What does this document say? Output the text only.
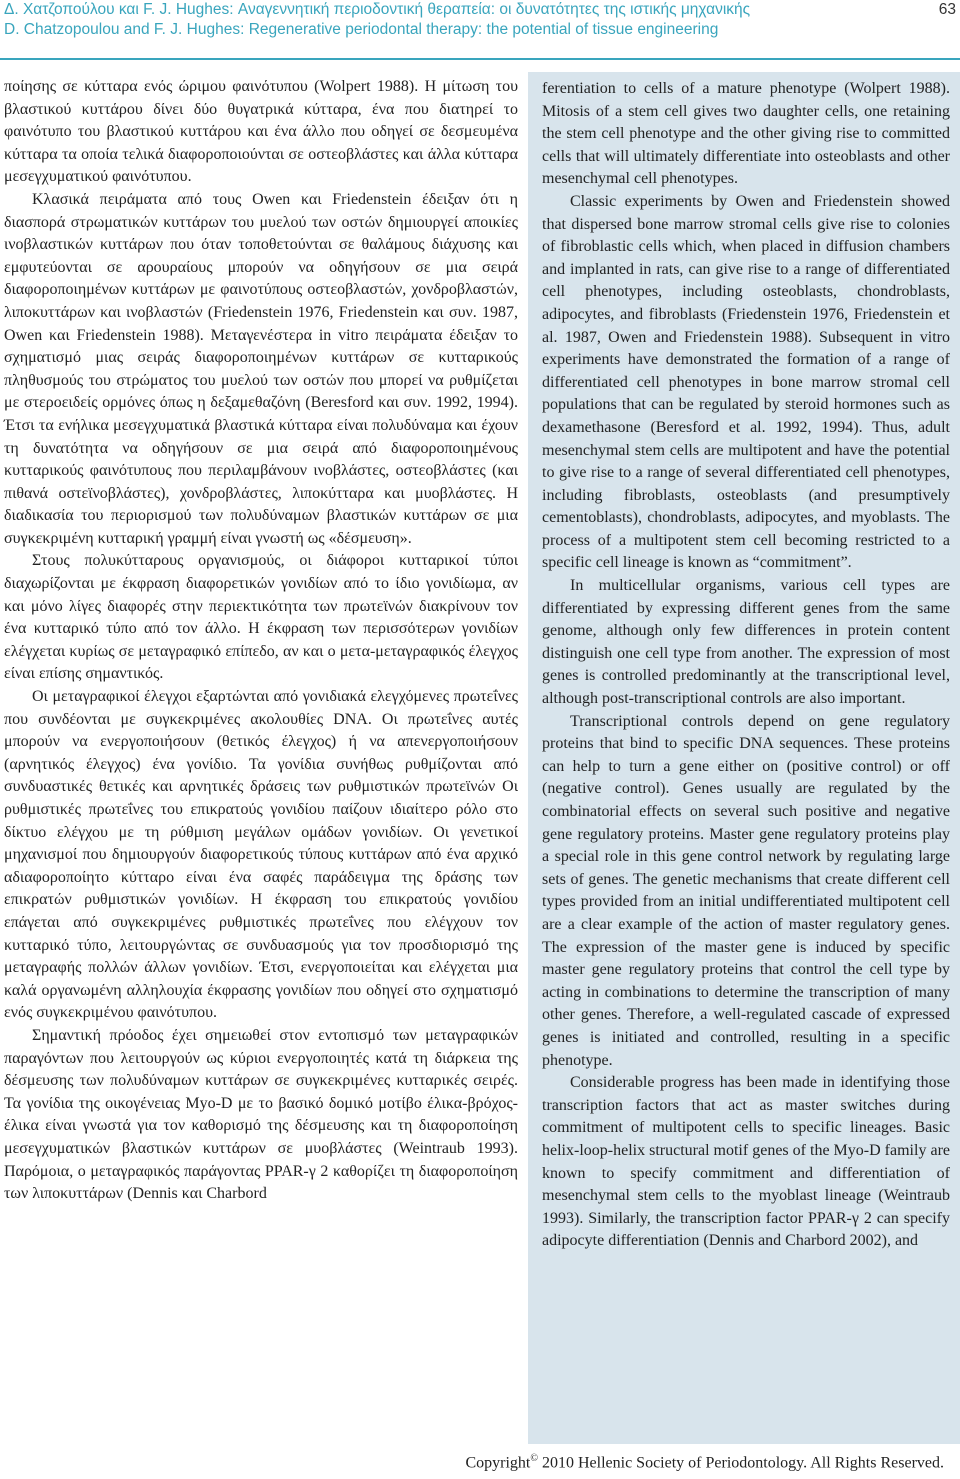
Δ. Χατζοπούλου και F. J. Hughes: Αναγεννητική περιοδοντική θεραπεία: οι δυνατότητες της ιστικής μηχανικής
D. Chatzopoulou and F. J. Hughes: Regenerative periodontal therapy: the potential of tissue engineering
63

ποίησης σε κύτταρα ενός ώριμου φαινότυπου (Wolpert 1988). Η μίτωση του βλαστικού κυττάρου δίνει δύο θυγατρικά κύτταρα, ένα που διατηρεί το φαινότυπο του βλαστικού κυττάρου και ένα άλλο που οδηγεί σε δεσμευμένα κύτταρα τα οποία τελικά διαφοροποιούνται σε οστεοβλάστες και άλλα κύτταρα μεσεγχυματικού φαινότυπου.

Κλασικά πειράματα από τους Owen και Friedenstein έδειξαν ότι η διασπορά στρωματικών κυττάρων του μυελού των οστών δημιουργεί αποικίες ινοβλαστικών κυττάρων που όταν τοποθετούνται σε θαλάμους διάχυσης και εμφυτεύονται σε αρουραίους μπορούν να οδηγήσουν σε μια σειρά διαφοροποιημένων κυττάρων με φαινοτύπους οστεοβλαστών, χονδροβλαστών, λιποκυττάρων και ινοβλαστών (Friedenstein 1976, Friedenstein και συν. 1987, Owen και Friedenstein 1988). Μεταγενέστερα in vitro πειράματα έδειξαν το σχηματισμό μιας σειράς διαφοροποιημένων κυττάρων σε κυτταρικούς πληθυσμούς του στρώματος του μυελού των οστών που μπορεί να ρυθμίζεται με στεροειδείς ορμόνες όπως η δεξαμεθαζόνη (Beresford και συν. 1992, 1994). Έτσι τα ενήλικα μεσεγχυματικά βλαστικά κύτταρα είναι πολυδύναμα και έχουν τη δυνατότητα να οδηγήσουν σε μια σειρά από διαφοροποιημένους κυτταρικούς φαινότυπους που περιλαμβάνουν ινοβλάστες, οστεοβλάστες (και πιθανά οστεϊνοβλάστες), χονδροβλάστες, λιποκύτταρα και μυοβλάστες. Η διαδικασία του περιορισμού των πολυδύναμων βλαστικών κυττάρων σε μια συγκεκριμένη κυτταρική γραμμή είναι γνωστή ως «δέσμευση».

Στους πολυκύτταρους οργανισμούς, οι διάφοροι κυτταρικοί τύποι διαχωρίζονται με έκφραση διαφορετικών γονιδίων από το ίδιο γονιδίωμα, αν και μόνο λίγες διαφορές στην περιεκτικότητα των πρωτεϊνών διακρίνουν τον ένα κυτταρικό τύπο από τον άλλο. Η έκφραση των περισσότερων γονιδίων ελέγχεται κυρίως σε μεταγραφικό επίπεδο, αν και ο μετα-μεταγραφικός έλεγχος είναι επίσης σημαντικός.

Οι μεταγραφικοί έλεγχοι εξαρτώνται από γονιδιακά ελεγχόμενες πρωτεΐνες που συνδέονται με συγκεκριμένες ακολουθίες DNA. Οι πρωτεΐνες αυτές μπορούν να ενεργοποιήσουν (θετικός έλεγχος) ή να απενεργοποιήσουν (αρνητικός έλεγχος) ένα γονίδιο. Τα γονίδια συνήθως ρυθμίζονται από συνδυαστικές θετικές και αρνητικές δράσεις των ρυθμιστικών πρωτεϊνών Οι ρυθμιστικές πρωτεΐνες του επικρατούς γονιδίου παίζουν ιδιαίτερο ρόλο στο δίκτυο ελέγχου με τη ρύθμιση μεγάλων ομάδων γονιδίων. Οι γενετικοί μηχανισμοί που δημιουργούν διαφορετικούς τύπους κυττάρων από ένα αρχικό αδιαφοροποίητο κύτταρο είναι ένα σαφές παράδειγμα της δράσης των επικρατών ρυθμιστικών γονιδίων. Η έκφραση του επικρατούς γονιδίου επάγεται από συγκεκριμένες ρυθμιστικές πρωτεΐνες που ελέγχουν τον κυτταρικό τύπο, λειτουργώντας σε συνδυασμούς για τον προσδιορισμό της μεταγραφής πολλών άλλων γονιδίων. Έτσι, ενεργοποιείται και ελέγχεται μια καλά οργανωμένη αλληλουχία έκφρασης γονιδίων που οδηγεί στο σχηματισμό ενός συγκεκριμένου φαινότυπου.

Σημαντική πρόοδος έχει σημειωθεί στον εντοπισμό των μεταγραφικών παραγόντων που λειτουργούν ως κύριοι ενεργοποιητές κατά τη διάρκεια της δέσμευσης των πολυδύναμων κυττάρων σε συγκεκριμένες κυτταρικές σειρές. Τα γονίδια της οικογένειας Myo-D με το βασικό δομικό μοτίβο έλικα-βρόχος-έλικα είναι γνωστά για τον καθορισμό της δέσμευσης και τη διαφοροποίηση μεσεγχυματικών βλαστικών κυττάρων σε μυοβλάστες (Weintraub 1993). Παρόμοια, ο μεταγραφικός παράγοντας PPAR-γ 2 καθορίζει τη διαφοροποίηση των λιποκυττάρων (Dennis και Charbord

ferentiation to cells of a mature phenotype (Wolpert 1988). Mitosis of a stem cell gives two daughter cells, one retaining the stem cell phenotype and the other giving rise to committed cells that will ultimately differentiate into osteoblasts and other mesenchymal cell phenotypes.

Classic experiments by Owen and Friedenstein showed that dispersed bone marrow stromal cells give rise to colonies of fibroblastic cells which, when placed in diffusion chambers and implanted in rats, can give rise to a range of differentiated cell phenotypes, including osteoblasts, chondroblasts, adipocytes, and fibroblasts (Friedenstein 1976, Friedenstein et al. 1987, Owen and Friedenstein 1988). Subsequent in vitro experiments have demonstrated the formation of a range of differentiated cell phenotypes in bone marrow stromal cell populations that can be regulated by steroid hormones such as dexamethasone (Beresford et al. 1992, 1994). Thus, adult mesenchymal stem cells are multipotent and have the potential to give rise to a range of several differentiated cell phenotypes, including fibroblasts, osteoblasts (and presumptively cementoblasts), chondroblasts, adipocytes, and myoblasts. The process of a multipotent stem cell becoming restricted to a specific cell lineage is known as “commitment”.

In multicellular organisms, various cell types are differentiated by expressing different genes from the same genome, although only few differences in protein content distinguish one cell type from another. The expression of most genes is controlled predominantly at the transcriptional level, although post-transcriptional controls are also important.

Transcriptional controls depend on gene regulatory proteins that bind to specific DNA sequences. These proteins can help to turn a gene either on (positive control) or off (negative control). Genes usually are regulated by the combinatorial effects on several such positive and negative gene regulatory proteins. Master gene regulatory proteins play a special role in this gene control network by regulating large sets of genes. The genetic mechanisms that create different cell types provided from an initial undifferentiated multipotent cell are a clear example of the action of master regulatory genes. The expression of the master gene is induced by specific master gene regulatory proteins that control the cell type by acting in combinations to determine the transcription of many other genes. Therefore, a well-regulated cascade of expressed genes is initiated and controlled, resulting in a specific phenotype.

Considerable progress has been made in identifying those transcription factors that act as master switches during commitment of multipotent cells to specific lineages. Basic helix-loop-helix structural motif genes of the Myo-D family are known to specify commitment and differentiation of mesenchymal stem cells to the myoblast lineage (Weintraub 1993). Similarly, the transcription factor PPAR-γ 2 can specify adipocyte differentiation (Dennis and Charbord 2002), and

Copyright© 2010 Hellenic Society of Periodontology. All Rights Reserved.
